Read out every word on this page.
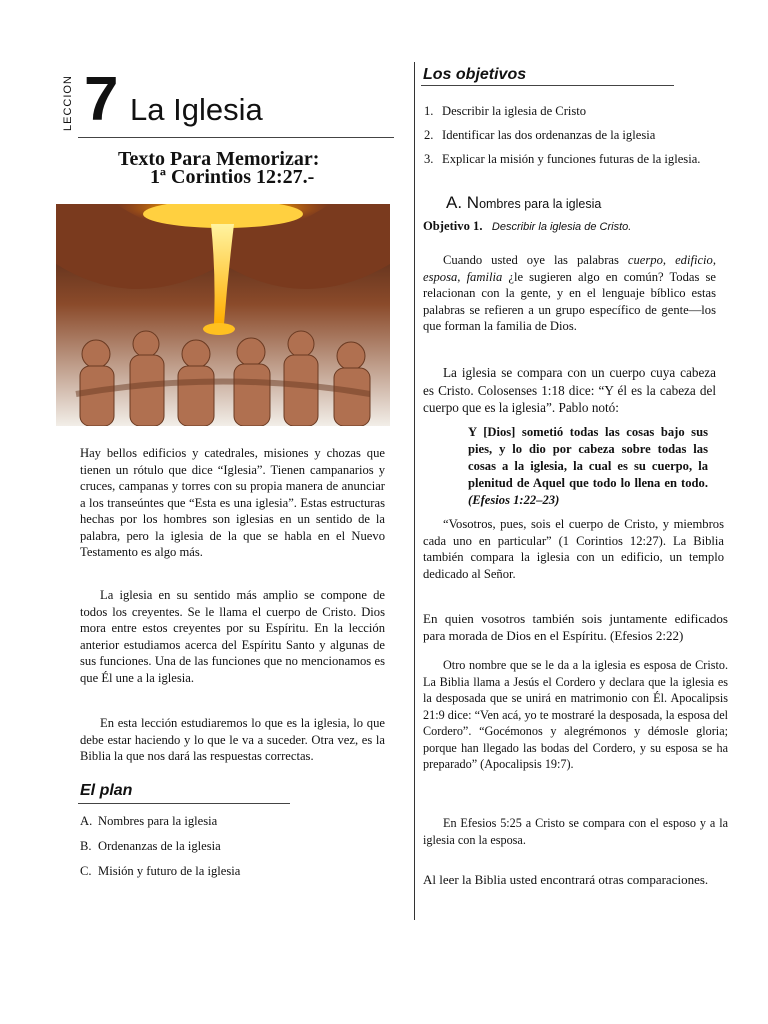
LECCION 7 La Iglesia
Texto Para Memorizar:
1ª Corintios 12:27.-

Hay bellos edificios y catedrales, misiones y chozas que tienen un rótulo que dice “Iglesia”. Tienen campanarios y cruces, campanas y torres con su propia manera de anunciar a los transeúntes que “Esta es una iglesia”. Estas estructuras hechas por los hombres son iglesias en un sentido de la palabra, pero la iglesia de la que se habla en el Nuevo Testamento es algo más.

La iglesia en su sentido más amplio se compone de todos los creyentes. Se le llama el cuerpo de Cristo. Dios mora entre estos creyentes por su Espíritu. En la lección anterior estudiamos acerca del Espíritu Santo y algunas de sus funciones. Una de las funciones que no mencionamos es que Él une a la iglesia.

En esta lección estudiaremos lo que es la iglesia, lo que debe estar haciendo y lo que le va a suceder. Otra vez, es la Biblia la que nos dará las respuestas correctas.

El plan
A. Nombres para la iglesia
B. Ordenanzas de la iglesia
C. Misión y futuro de la iglesia
Los objetivos
1. Describir la iglesia de Cristo
2. Identificar las dos ordenanzas de la iglesia
3. Explicar la misión y funciones futuras de la iglesia.
A. Nombres para la iglesia
Objetivo 1. Describir la iglesia de Cristo.

Cuando usted oye las palabras cuerpo, edificio, esposa, familia ¿le sugieren algo en común? Todas se relacionan con la gente, y en el lenguaje bíblico estas palabras se refieren a un grupo específico de gente—los que forman la familia de Dios.

La iglesia se compara con un cuerpo cuya cabeza es Cristo. Colosenses 1:18 dice: “Y él es la cabeza del cuerpo que es la iglesia”. Pablo notó:

Y [Dios] sometió todas las cosas bajo sus pies, y lo dio por cabeza sobre todas las cosas a la iglesia, la cual es su cuerpo, la plenitud de Aquel que todo lo llena en todo. (Efesios 1:22–23)

“Vosotros, pues, sois el cuerpo de Cristo, y miembros cada uno en particular” (1 Corintios 12:27). La Biblia también compara la iglesia con un edificio, un templo dedicado al Señor.

En quien vosotros también sois juntamente edificados para morada de Dios en el Espíritu. (Efesios 2:22)

Otro nombre que se le da a la iglesia es esposa de Cristo. La Biblia llama a Jesús el Cordero y declara que la iglesia es la desposada que se unirá en matrimonio con Él. Apocalipsis 21:9 dice: “Ven acá, yo te mostraré la desposada, la esposa del Cordero”. “Gocémonos y alegrémonos y démosle gloria; porque han llegado las bodas del Cordero, y su esposa se ha preparado” (Apocalipsis 19:7).

En Efesios 5:25 a Cristo se compara con el esposo y a la iglesia con la esposa.

Al leer la Biblia usted encontrará otras comparaciones.
